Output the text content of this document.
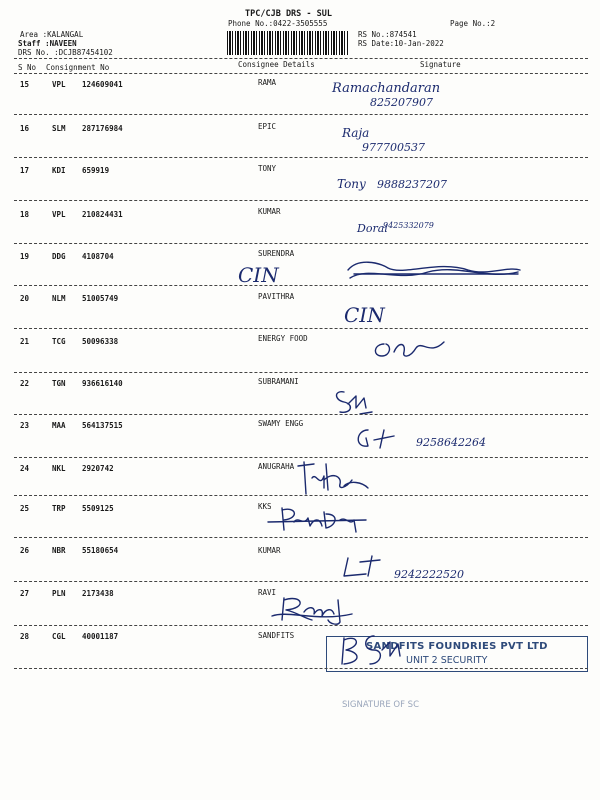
TPC/CJB DRS - SUL
Phone No.:0422-3505555	Page No.:2
Area :KALANGAL
Staff :NAVEEN
DRS No. :DCJB87454102
RS No.:874541
RS Date:10-Jan-2022
S No Consignment No	Consignee Details	Signature
15	VPL 124609041	RAMA	Ramachandaran
825207907
16	SLM 287176984	EPIC	Raja
977700537
17	KDI 659919	TONY
Tony 9888237207
18	VPL 210824431	KUMAR
Dorai
9425332079
19	DDG 4108704	SURENDRA
CIN
20	NLM 51005749	PAVITHRA
CIN
21	TCG 50096338	ENERGY FOOD
22	TGN 936616140	SUBRAMANI
23	MAA 564137515	SWAMY ENGG
9258642264
24	NKL 2920742	ANUGRAHA
25	TRP 5509125	KKS
26	NBR 55180654	KUMAR
9242222520
27	PLN 2173438	RAVI
28	CGL 40001187	SANDFITS
SANDFITS FOUNDRIES PVT LTD
UNIT 2 SECURITY
SIGNATURE OF SC
